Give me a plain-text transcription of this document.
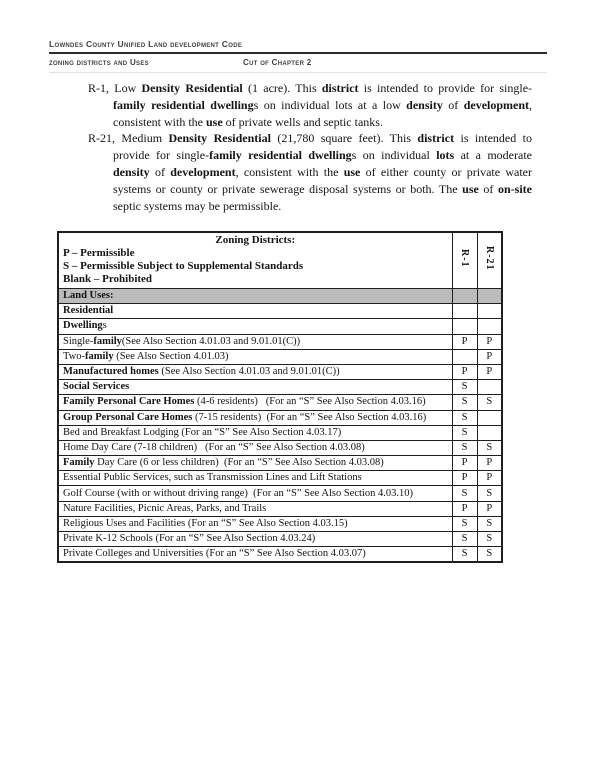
Lowndes County Unified Land development Code
zoning districts and Uses	Cut of Chapter 2

R-1, Low Density Residential (1 acre). This district is intended to provide for single-family residential dwellings on individual lots at a low density of development, consistent with the use of private wells and septic tanks.

R-21, Medium Density Residential (21,780 square feet). This district is intended to provide for single-family residential dwellings on individual lots at a moderate density of development, consistent with the use of either county or private water systems or county or private sewerage disposal systems or both. The use of on-site septic systems may be permissible.

Zoning Districts:
P – Permissible
S – Permissible Subject to Supplemental Standards
Blank – Prohibited	R-1	R-21
Land Uses:		
Residential		
Dwellings		
Single-family(See Also Section 4.01.03 and 9.01.01(C))	P	P
Two-family (See Also Section 4.01.03)		P
Manufactured homes (See Also Section 4.01.03 and 9.01.01(C))	P	P
Social Services	S	
Family Personal Care Homes (4-6 residents)   (For an “S” See Also Section 4.03.16)	S	S
Group Personal Care Homes (7-15 residents)  (For an “S” See Also Section 4.03.16)	S	
Bed and Breakfast Lodging (For an “S” See Also Section 4.03.17)	S	
Home Day Care (7-18 children)   (For an “S” See Also Section 4.03.08)	S	S
Family Day Care (6 or less children)  (For an “S” See Also Section 4.03.08)	P	P
Essential Public Services, such as Transmission Lines and Lift Stations	P	P
Golf Course (with or without driving range)  (For an “S” See Also Section 4.03.10)	S	S
Nature Facilities, Picnic Areas, Parks, and Trails	P	P
Religious Uses and Facilities (For an “S” See Also Section 4.03.15)	S	S
Private K-12 Schools (For an “S” See Also Section 4.03.24)	S	S
Private Colleges and Universities (For an “S” See Also Section 4.03.07)	S	S
